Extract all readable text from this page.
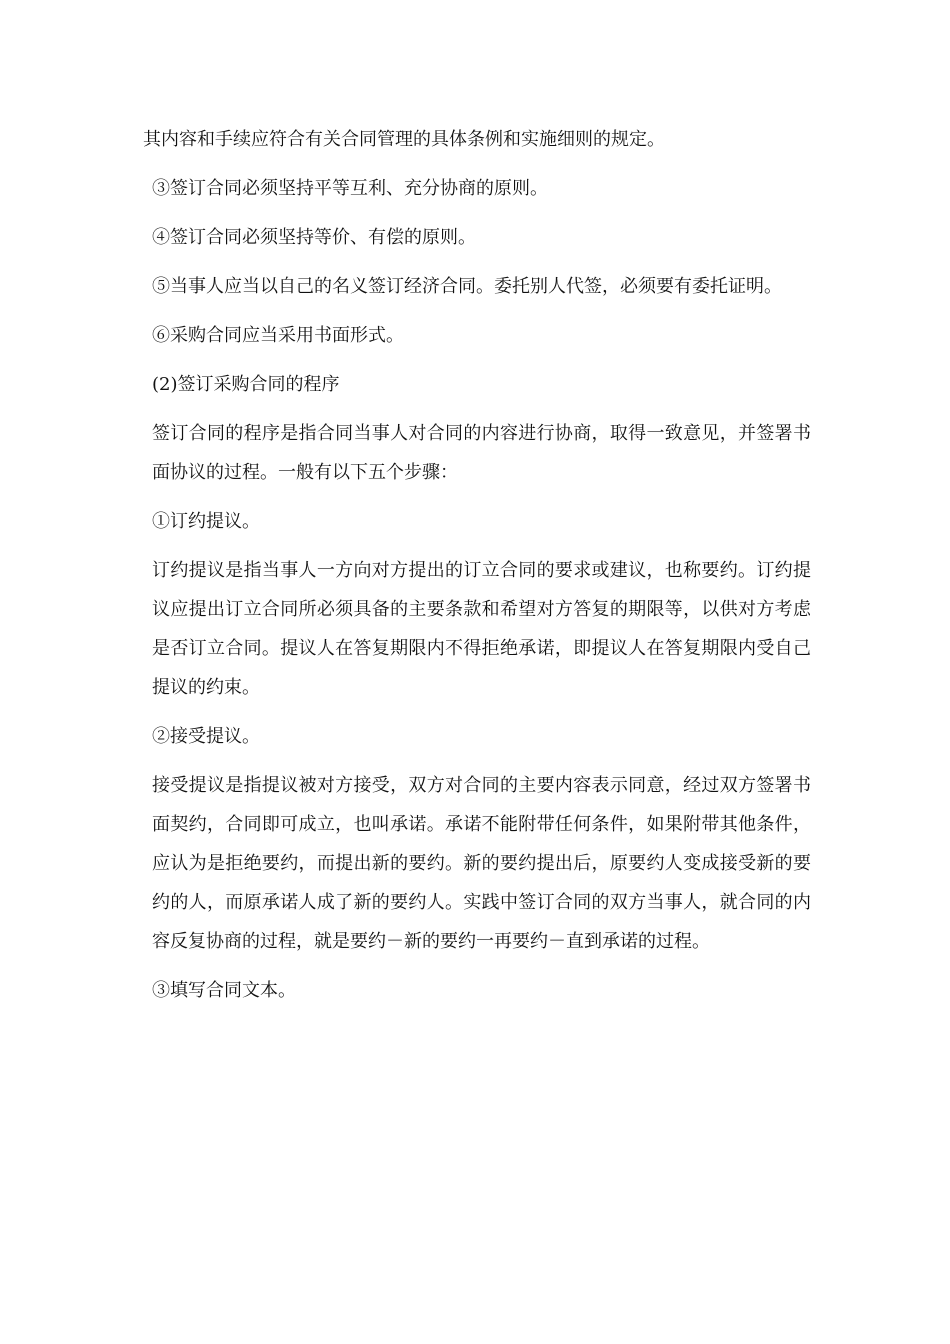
其内容和手续应符合有关合同管理的具体条例和实施细则的规定。

③签订合同必须坚持平等互利、充分协商的原则。

④签订合同必须坚持等价、有偿的原则。

⑤当事人应当以自己的名义签订经济合同。委托别人代签，必须要有委托证明。

⑥采购合同应当采用书面形式。

(2)签订采购合同的程序

签订合同的程序是指合同当事人对合同的内容进行协商，取得一致意见，并签署书面协议的过程。一般有以下五个步骤：

①订约提议。

订约提议是指当事人一方向对方提出的订立合同的要求或建议，也称要约。订约提议应提出订立合同所必须具备的主要条款和希望对方答复的期限等，以供对方考虑是否订立合同。提议人在答复期限内不得拒绝承诺，即提议人在答复期限内受自己提议的约束。

②接受提议。

接受提议是指提议被对方接受，双方对合同的主要内容表示同意，经过双方签署书面契约，合同即可成立，也叫承诺。承诺不能附带任何条件，如果附带其他条件，应认为是拒绝要约，而提出新的要约。新的要约提出后，原要约人变成接受新的要约的人，而原承诺人成了新的要约人。实践中签订合同的双方当事人，就合同的内容反复协商的过程，就是要约－新的要约一再要约－直到承诺的过程。

③填写合同文本。
